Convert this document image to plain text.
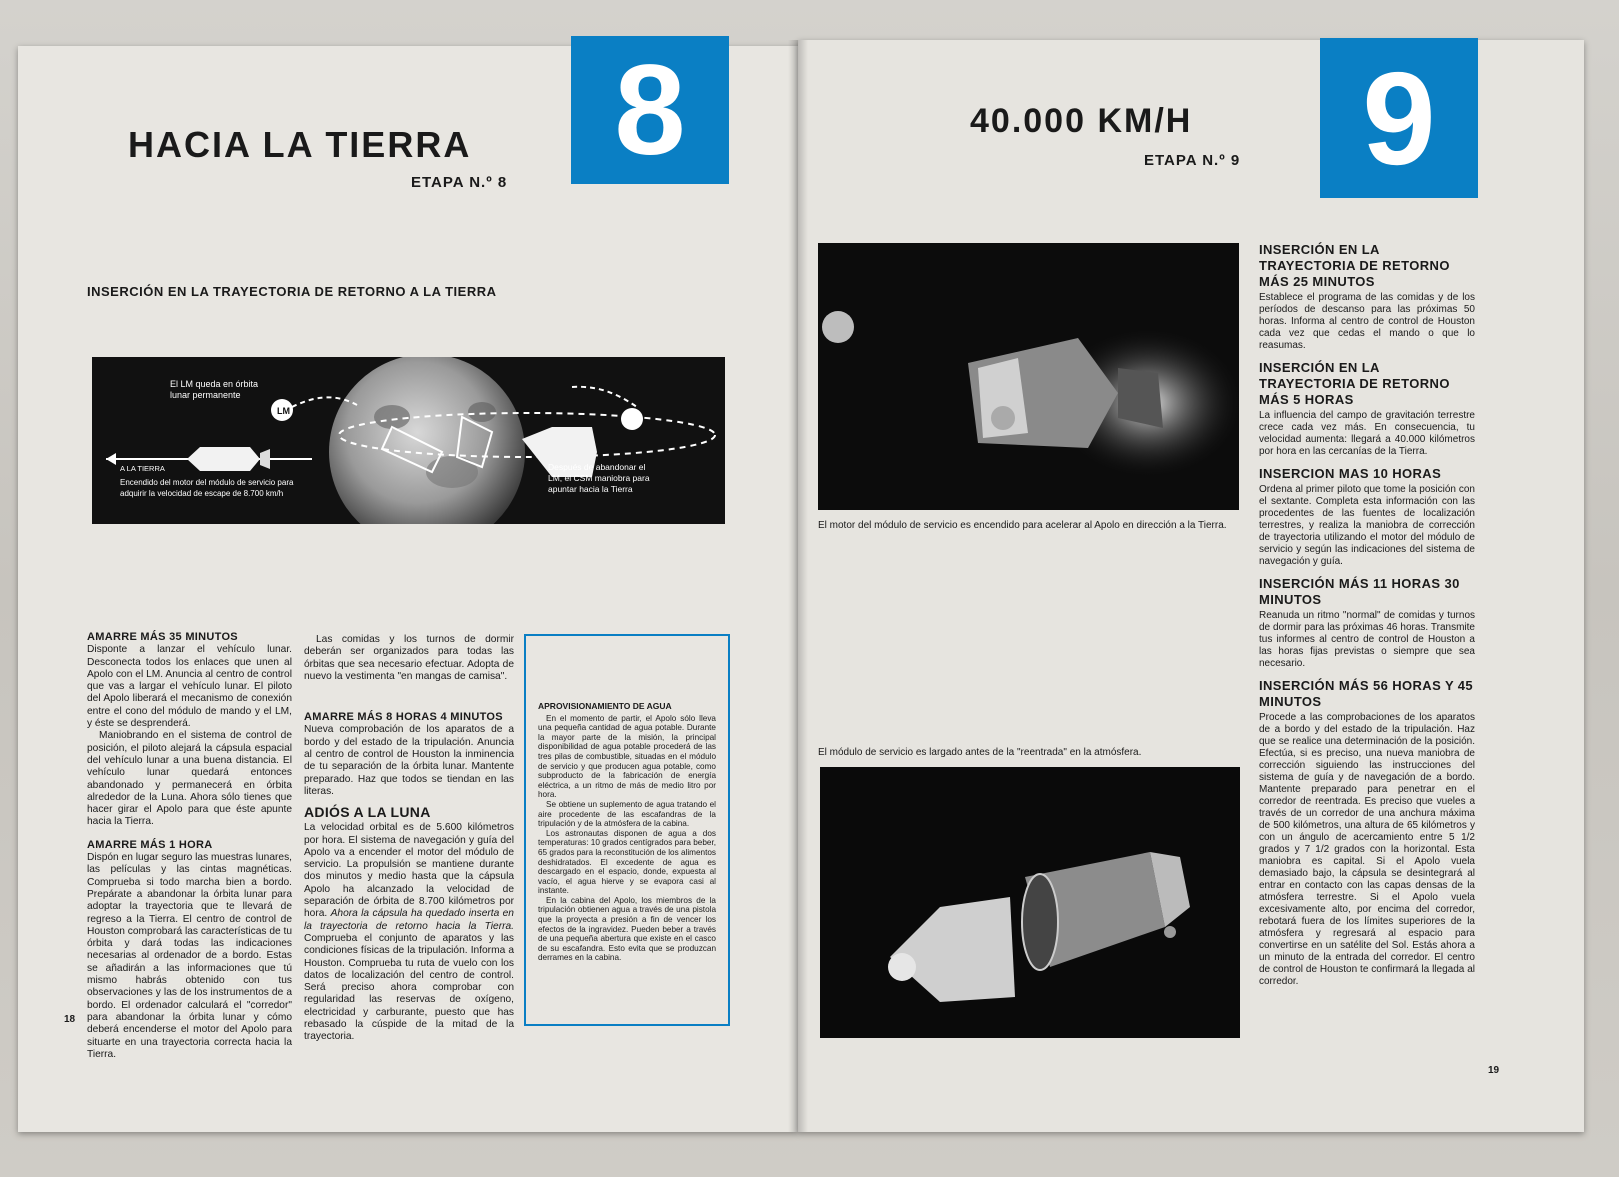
8
HACIA LA TIERRA
ETAPA N.º 8
INSERCIÓN EN LA TRAYECTORIA DE RETORNO A LA TIERRA
LM
El LM queda en órbita lunar permanente
A LA TIERRA
Encendido del motor del módulo de servicio para adquirir la velocidad de escape de 8.700 km/h
Después de abandonar el LM, el CSM maniobra para apuntar hacia la Tierra

AMARRE MÁS 35 MINUTOS

Disponte a lanzar el vehículo lunar. Desconecta todos los enlaces que unen al Apolo con el LM. Anuncia al centro de control que vas a largar el vehículo lunar. El piloto del Apolo liberará el mecanismo de conexión entre el cono del módulo de mando y el LM, y éste se desprenderá.

Maniobrando en el sistema de control de posición, el piloto alejará la cápsula espacial del vehículo lunar a una buena distancia. El vehículo lunar quedará entonces abandonado y permanecerá en órbita alrededor de la Luna. Ahora sólo tienes que hacer girar el Apolo para que éste apunte hacia la Tierra.

AMARRE MÁS 1 HORA

Dispón en lugar seguro las muestras lunares, las películas y las cintas magnéticas. Comprueba si todo marcha bien a bordo. Prepárate a abandonar la órbita lunar para adoptar la trayectoria que te llevará de regreso a la Tierra. El centro de control de Houston comprobará las características de tu órbita y dará todas las indicaciones necesarias al ordenador de a bordo. Estas se añadirán a las informaciones que tú mismo habrás obtenido con tus observaciones y las de los instrumentos de a bordo. El ordenador calculará el "corredor" para abandonar la órbita lunar y cómo deberá encenderse el motor del Apolo para situarte en una trayectoria correcta hacia la Tierra.

Las comidas y los turnos de dormir deberán ser organizados para todas las órbitas que sea necesario efectuar. Adopta de nuevo la vestimenta "en mangas de camisa".

AMARRE MÁS 8 HORAS 4 MINUTOS

Nueva comprobación de los aparatos de a bordo y del estado de la tripulación. Anuncia al centro de control de Houston la inminencia de tu separación de la órbita lunar. Mantente preparado. Haz que todos se tiendan en las literas.

ADIÓS A LA LUNA

La velocidad orbital es de 5.600 kilómetros por hora. El sistema de navegación y guía del Apolo va a encender el motor del módulo de servicio. La propulsión se mantiene durante dos minutos y medio hasta que la cápsula Apolo ha alcanzado la velocidad de separación de órbita de 8.700 kilómetros por hora. Ahora la cápsula ha quedado inserta en la trayectoria de retorno hacia la Tierra. Comprueba el conjunto de aparatos y las condiciones físicas de la tripulación. Informa a Houston. Comprueba tu ruta de vuelo con los datos de localización del centro de control. Será preciso ahora comprobar con regularidad las reservas de oxígeno, electricidad y carburante, puesto que has rebasado la cúspide de la mitad de la trayectoria.

APROVISIONAMIENTO DE AGUA

En el momento de partir, el Apolo sólo lleva una pequeña cantidad de agua potable. Durante la mayor parte de la misión, la principal disponibilidad de agua potable procederá de las tres pilas de combustible, situadas en el módulo de servicio y que producen agua potable, como subproducto de la fabricación de energía eléctrica, a un ritmo de más de medio litro por hora.

Se obtiene un suplemento de agua tratando el aire procedente de las escafandras de la tripulación y de la atmósfera de la cabina.

Los astronautas disponen de agua a dos temperaturas: 10 grados centígrados para beber, 65 grados para la reconstitución de los alimentos deshidratados. El excedente de agua es descargado en el espacio, donde, expuesta al vacío, el agua hierve y se evapora casi al instante.

En la cabina del Apolo, los miembros de la tripulación obtienen agua a través de una pistola que la proyecta a presión a fin de vencer los efectos de la ingravidez. Pueden beber a través de una pequeña abertura que existe en el casco de su escafandra. Esto evita que se produzcan derrames en la cabina.

18
9
40.000 KM/H
ETAPA N.º 9
El motor del módulo de servicio es encendido para acelerar al Apolo en dirección a la Tierra.
El módulo de servicio es largado antes de la "reentrada" en la atmósfera.

INSERCIÓN EN LA TRAYECTORIA DE RETORNO MÁS 25 MINUTOS

Establece el programa de las comidas y de los períodos de descanso para las próximas 50 horas. Informa al centro de control de Houston cada vez que cedas el mando o que lo reasumas.

INSERCIÓN EN LA TRAYECTORIA DE RETORNO MÁS 5 HORAS

La influencia del campo de gravitación terrestre crece cada vez más. En consecuencia, tu velocidad aumenta: llegará a 40.000 kilómetros por hora en las cercanías de la Tierra.

INSERCION MAS 10 HORAS

Ordena al primer piloto que tome la posición con el sextante. Completa esta información con las procedentes de las fuentes de localización terrestres, y realiza la maniobra de corrección de trayectoria utilizando el motor del módulo de servicio y según las indicaciones del sistema de navegación y guía.

INSERCIÓN MÁS 11 HORAS 30 MINUTOS

Reanuda un ritmo "normal" de comidas y turnos de dormir para las próximas 46 horas. Transmite tus informes al centro de control de Houston a las horas fijas previstas o siempre que sea necesario.

INSERCIÓN MÁS 56 HORAS Y 45 MINUTOS

Procede a las comprobaciones de los aparatos de a bordo y del estado de la tripulación. Haz que se realice una determinación de la posición. Efectúa, si es preciso, una nueva maniobra de corrección siguiendo las instrucciones del sistema de guía y de navegación de a bordo. Mantente preparado para penetrar en el corredor de reentrada. Es preciso que vueles a través de un corredor de una anchura máxima de 500 kilómetros, una altura de 65 kilómetros y con un ángulo de acercamiento entre 5 1/2 grados y 7 1/2 grados con la horizontal. Esta maniobra es capital. Si el Apolo vuela demasiado bajo, la cápsula se desintegrará al entrar en contacto con las capas densas de la atmósfera terrestre. Si el Apolo vuela excesivamente alto, por encima del corredor, rebotará fuera de los límites superiores de la atmósfera y regresará al espacio para convertirse en un satélite del Sol. Estás ahora a un minuto de la entrada del corredor. El centro de control de Houston te confirmará la llegada al corredor.

19
